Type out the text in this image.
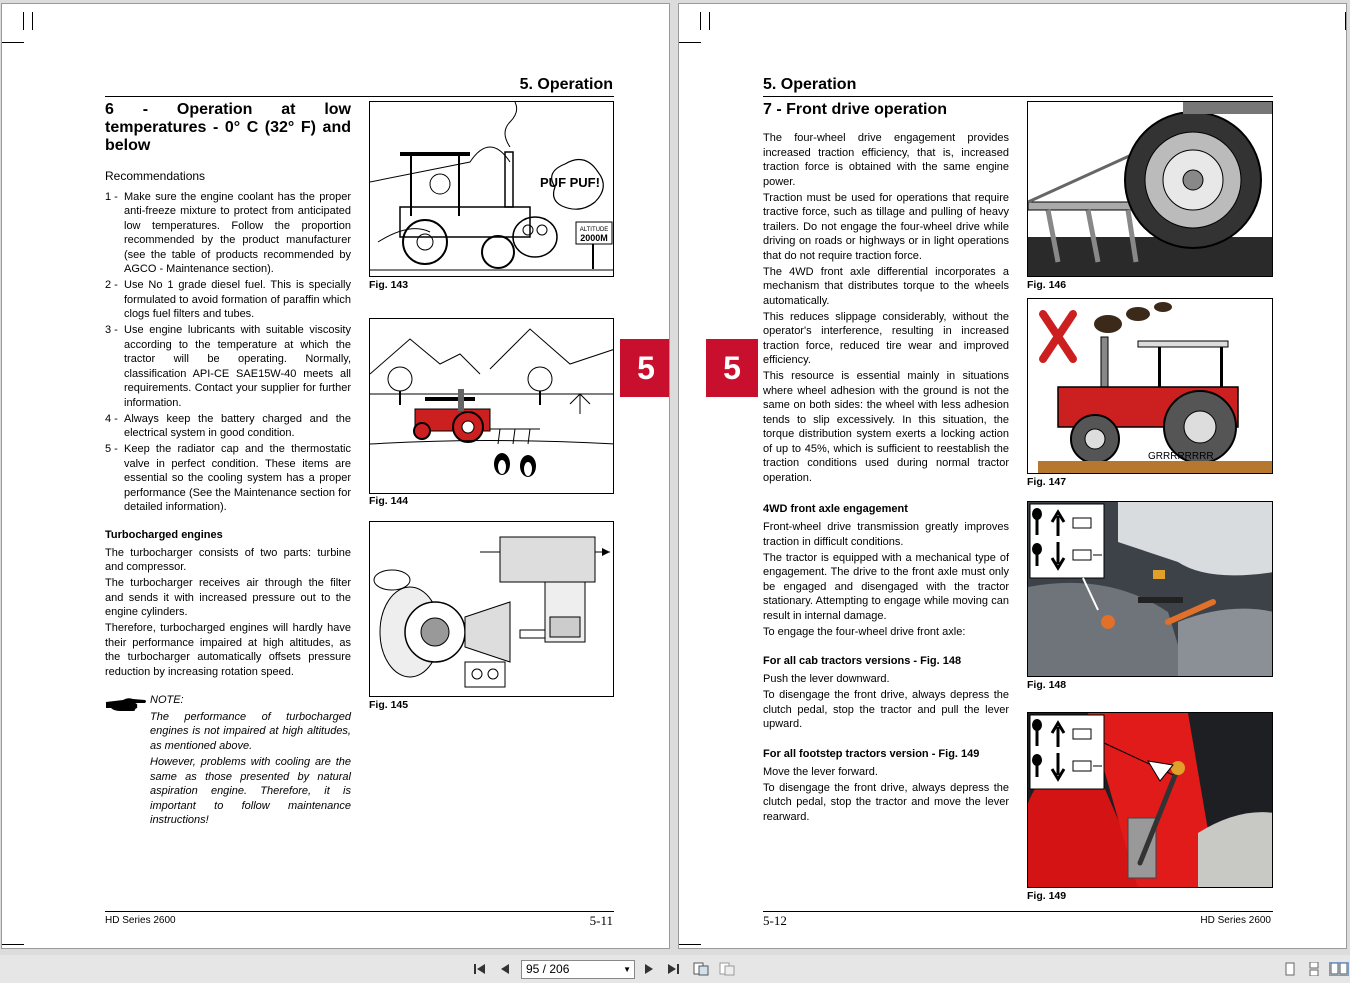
5. Operation
6 - Operation at low temperatures - 0° C (32° F) and below
Recommendations
1 - Make sure the engine coolant has the proper anti-freeze mixture to protect from anticipated low temperatures. Follow the proportion recommended by the product manufacturer (see the table of products recommended by AGCO - Maintenance section).
2 - Use No 1 grade diesel fuel. This is specially formulated to avoid formation of paraffin which clogs fuel filters and tubes.
3 - Use engine lubricants with suitable viscosity according to the temperature at which the tractor will be operating. Normally, classification API-CE SAE15W-40 meets all requirements. Contact your supplier for further information.
4 - Always keep the battery charged and the electrical system in good condition.
5 - Keep the radiator cap and the thermostatic valve in perfect condition. These items are essential so the cooling system has a proper performance (See the Maintenance section for detailed information).
Turbocharged engines

The turbocharger consists of two parts: turbine and compressor.

The turbocharger receives air through the filter and sends it with increased pressure out to the engine cylinders.

Therefore, turbocharged engines will hardly have their performance impaired at high altitudes, as the turbocharger automatically offsets pressure reduction by increasing rotation speed.

NOTE:

The performance of turbocharged engines is not impaired at high altitudes, as mentioned above.

However, problems with cooling are the same as those presented by natural aspiration engine. Therefore, it is important to follow maintenance instructions!

PUF PUF!
ALTITUDE
2000M
Fig. 143
Fig. 144
Fig. 145
5
HD Series 2600	5-11
5. Operation
7 - Front drive operation

The four-wheel drive engagement provides increased traction efficiency, that is, increased traction force is obtained with the same engine power.

Traction must be used for operations that require tractive force, such as tillage and pulling of heavy trailers. Do not engage the four-wheel drive while driving on roads or highways or in light operations that do not require traction force.

The 4WD front axle differential incorporates a mechanism that distributes torque to the wheels automatically.

This reduces slippage considerably, without the operator's interference, resulting in increased traction force, reduced tire wear and improved efficiency.

This resource is essential mainly in situations where wheel adhesion with the ground is not the same on both sides: the wheel with less adhesion tends to slip excessively. In this situation, the torque distribution system exerts a locking action of up to 45%, which is sufficient to reestablish the traction conditions used during normal tractor operation.

4WD front axle engagement

Front-wheel drive transmission greatly improves traction in difficult conditions.

The tractor is equipped with a mechanical type of engagement. The drive to the front axle must only be engaged and disengaged with the tractor stationary. Attempting to engage while moving can result in internal damage.

To engage the four-wheel drive front axle:

For all cab tractors versions - Fig. 148

Push the lever downward.

To disengage the front drive, always depress the clutch pedal, stop the tractor and pull the lever upward.

For all footstep tractors version - Fig. 149

Move the lever forward.

To disengage the front drive, always depress the clutch pedal, stop the tractor and move the lever rearward.

Fig. 146
GRRRRRRRR
Fig. 147
Fig. 148
Fig. 149
5
5-12	HD Series 2600
95 / 206	▼
